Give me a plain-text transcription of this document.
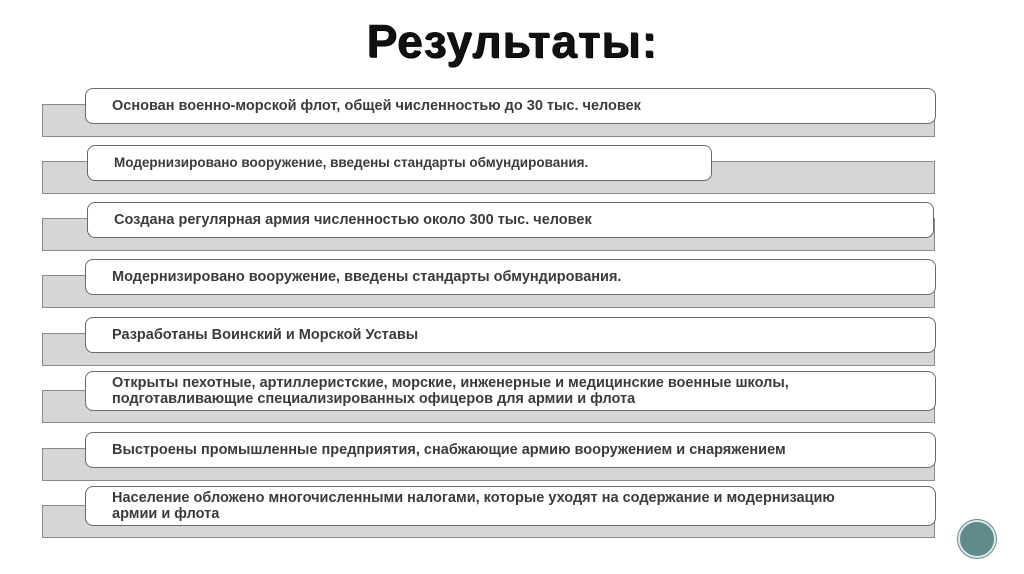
Результаты:
Основан военно-морской флот, общей численностью до 30 тыс. человек
Модернизировано вооружение, введены стандарты обмундирования.
Создана регулярная армия численностью около 300 тыс. человек
Модернизировано вооружение, введены стандарты обмундирования.
Разработаны Воинский и Морской Уставы
Открыты пехотные, артиллеристские, морские, инженерные и медицинские военные школы, подготавливающие специализированных офицеров для армии и флота
Выстроены промышленные предприятия, снабжающие армию вооружением и снаряжением
Население обложено многочисленными налогами, которые уходят на содержание и модернизацию армии и флота
